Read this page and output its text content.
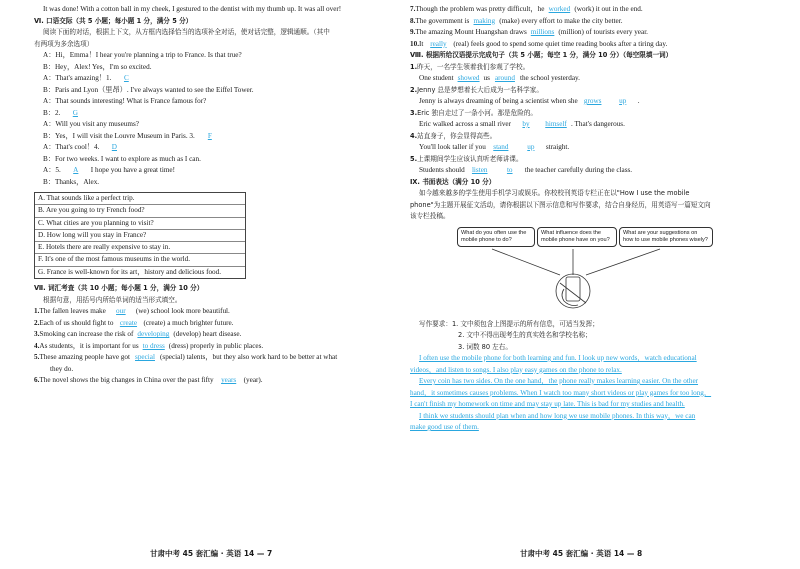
It was done! With a cotton ball in my cheek, I gestured to the dentist with my thumb up. It was all over!
Ⅵ. 口语交际（共 5 小题；每小题 1 分，满分 5 分）
阅读下面的对话，根据上下文，从方框内选择恰当的选项补全对话，使对话完整，逻辑通顺。（其中
有两项为多余选项）
A：Hi，Emma！I hear you're planning a trip to France. Is that true?
B：Hey，Alex! Yes，I'm so excited.
A：That's amazing！1. C
B：Paris and Lyon（里昂）. I've always wanted to see the Eiffel Tower.
A：That sounds interesting! What is France famous for?
B：2. G
A：Will you visit any museums?
B：Yes，I will visit the Louvre Museum in Paris. 3. F
A：That's cool！4. D
B：For two weeks. I want to explore as much as I can.
A：5. A I hope you have a great time!
B：Thanks，Alex.
A. That sounds like a perfect trip.
B. Are you going to try French food?
C. What cities are you planning to visit?
D. How long will you stay in France?
E. Hotels there are really expensive to stay in.
F. It's one of the most famous museums in the world.
G. France is well-known for its art，history and delicious food.
Ⅶ. 词汇考查（共 10 小题；每小题 1 分，满分 10 分）
根据句意，用括号内所给单词的适当形式填空。
1.The fallen leaves make our (we) school look more beautiful.
2.Each of us should fight to create (create) a much brighter future.
3.Smoking can increase the risk of developing (develop) heart disease.
4.As students，it is important for us to dress (dress) properly in public places.
5.These amazing people have got special (special) talents，but they also work hard to be better at what
they do.
6.The novel shows the big changes in China over the past fifty years (year).
甘肃中考 45 套汇编 · 英语 14 — 7
7.Though the problem was pretty difficult，he worked (work) it out in the end.
8.The government is making (make) every effort to make the city better.
9.The amazing Mount Huangshan draws millions (million) of tourists every year.
10.It really (real) feels good to spend some quiet time reading books after a tiring day.
Ⅷ. 根据所给汉语提示完成句子（共 5 小题；每空 1 分，满分 10 分）（每空限填一词）
1.昨天，一名学生领着我们参观了学校。
One student showed us around the school yesterday.
2.Jenny 总是梦想着长大后成为一名科学家。
Jenny is always dreaming of being a scientist when she grows up .
3.Eric 独自走过了一条小河。那是危险的。
Eric walked across a small river by himself . That's dangerous.
4.站直身子，你会显得高些。
You'll look taller if you stand	up straight.
5.上课期间学生应该认真听老师讲课。
Students should listen	to the teacher carefully during the class.
Ⅸ. 书面表达（满分 10 分）
如今越来越多的学生使用手机学习或娱乐。你校校刊英语专栏正在以"How I use the mobile
phone"为主题开展征文活动，请你根据以下图示信息和写作要求，结合自身经历，用英语写一篇短文向
该专栏投稿。
What do you often use the mobile phone to do?
What influence does the mobile phone have on you?
What are your suggestions on how to use mobile phones wisely?
写作要求：1. 文中须包含上图提示的所有信息，可适当发挥；
2. 文中不得出现考生的真实姓名和学校名称；
3. 词数 80 左右。
I often use the mobile phone for both learning and fun. I look up new words，watch educational
videos，and listen to songs. I also play easy games on the phone to relax.
Every coin has two sides. On the one hand，the phone really makes learning easier. On the other
hand，it sometimes causes problems. When I watch too many short videos or play games for too long，
I can't finish my homework on time and may stay up late. This is bad for my studies and health.
I think we students should plan when and how long we use mobile phones. In this way，we can
make good use of them.
甘肃中考 45 套汇编 · 英语 14 — 8
